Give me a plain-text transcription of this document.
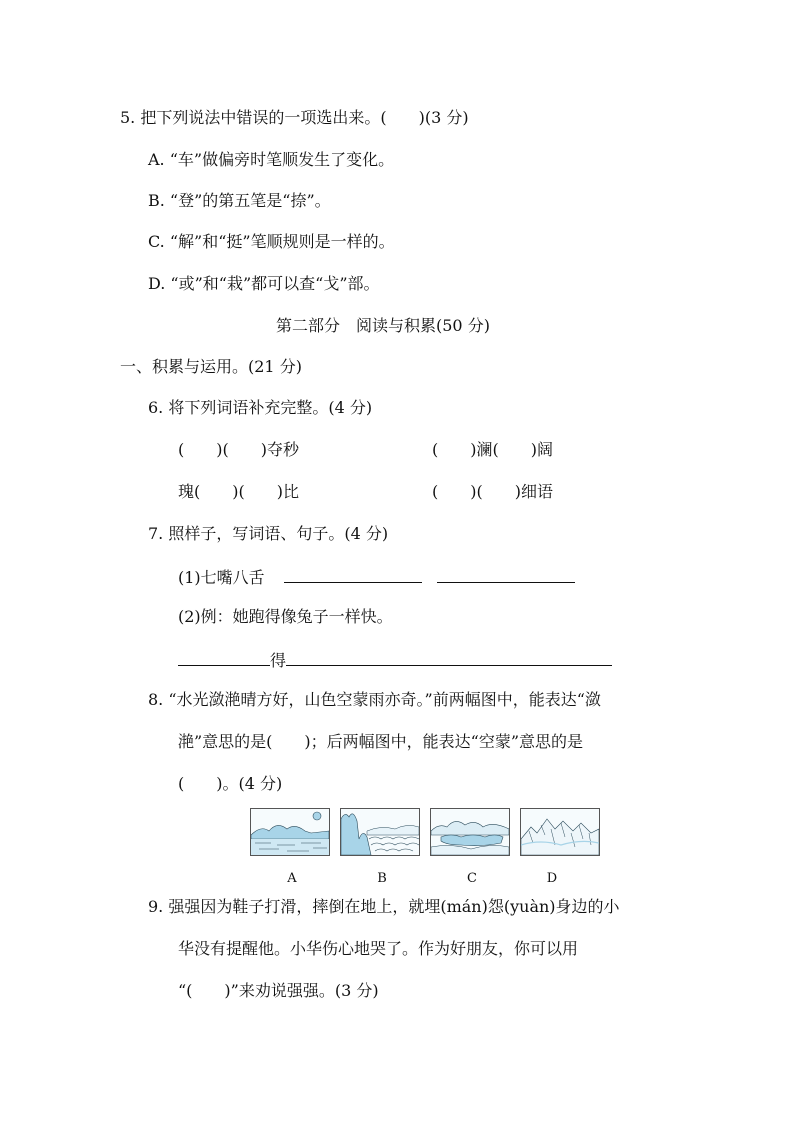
5. 把下列说法中错误的一项选出来。(　　)(3 分)
A. “车”做偏旁时笔顺发生了变化。
B. “登”的第五笔是“捺”。
C. “解”和“挺”笔顺规则是一样的。
D. “或”和“栽”都可以查“戈”部。
第二部分　阅读与积累(50 分)
一、积累与运用。(21 分)
6. 将下列词语补充完整。(4 分)
(　　)(　　)夺秒	(　　)澜(　　)阔
瑰(　　)(　　)比	(　　)(　　)细语
7. 照样子，写词语、句子。(4 分)
(1)七嘴八舌
(2)例：她跑得像兔子一样快。
得
8. “水光潋滟晴方好，山色空蒙雨亦奇。”前两幅图中，能表达“潋
滟”意思的是(　　)；后两幅图中，能表达“空蒙”意思的是
(　　)。(4 分)
A	B	C	D
9. 强强因为鞋子打滑，摔倒在地上，就埋(mán)怨(yuàn)身边的小
华没有提醒他。小华伤心地哭了。作为好朋友，你可以用
“(　　)”来劝说强强。(3 分)
